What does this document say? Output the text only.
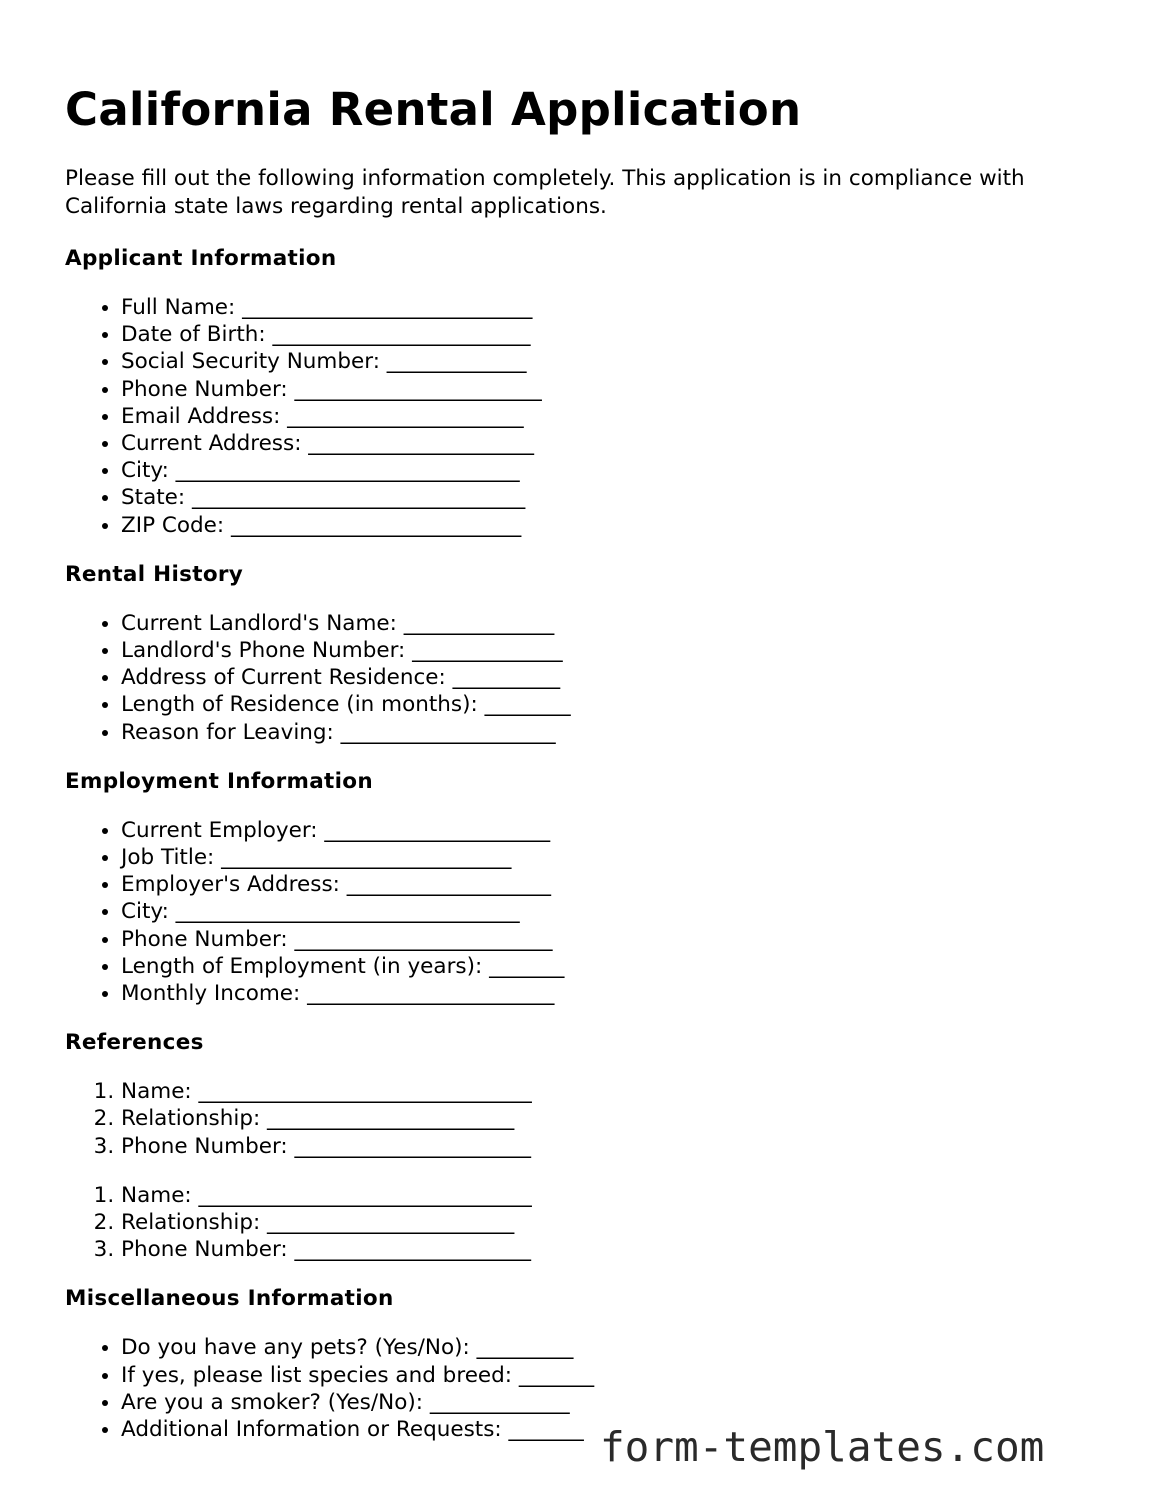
California Rental Application

Please fill out the following information completely. This application is in compliance with California state laws regarding rental applications.

Applicant Information
• Full Name: ___________________________
• Date of Birth: ________________________
• Social Security Number: _____________
• Phone Number: _______________________
• Email Address: ______________________
• Current Address: _____________________
• City: ________________________________
• State: _______________________________
• ZIP Code: ___________________________
Rental History
• Current Landlord's Name: ______________
• Landlord's Phone Number: ______________
• Address of Current Residence: __________
• Length of Residence (in months): ________
• Reason for Leaving: ____________________
Employment Information
• Current Employer: _____________________
• Job Title: ___________________________
• Employer's Address: ___________________
• City: ________________________________
• Phone Number: ________________________
• Length of Employment (in years): _______
• Monthly Income: _______________________
References
1. Name: _______________________________
2. Relationship: _______________________
3. Phone Number: ______________________
1. Name: _______________________________
2. Relationship: _______________________
3. Phone Number: ______________________
Miscellaneous Information
• Do you have any pets? (Yes/No): _________
• If yes, please list species and breed: _______
• Are you a smoker? (Yes/No): _____________
• Additional Information or Requests: _______ form-templates.com
